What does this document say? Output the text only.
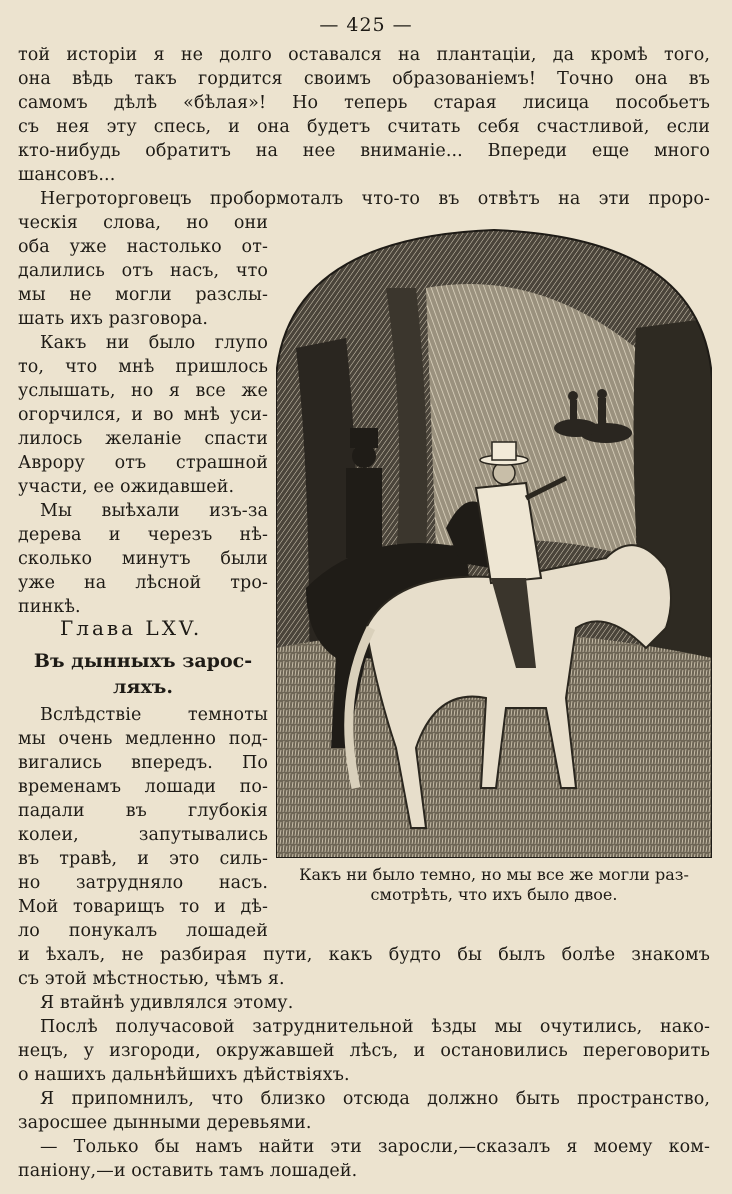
— 425 —
той исторіи я не долго оставался на плантаціи, да кромѣ того,
она вѣдь такъ гордится своимъ образованіемъ! Точно она въ
самомъ дѣлѣ «бѣлая»! Но теперь старая лисица пособьетъ
съ нея эту спесь, и она будетъ считать себя счастливой, если
кто-нибудь обратитъ на нее вниманіе... Впереди еще много
шансовъ...
Негроторговецъ пробормоталъ что-то въ отвѣтъ на эти проро-
ческія слова, но они
оба уже настолько от-
далились отъ насъ, что
мы не могли разслы-
шать ихъ разговора.
Какъ ни было глупо
то, что мнѣ пришлось
услышать, но я все же
огорчился, и во мнѣ уси-
лилось желаніе спасти
Аврору отъ страшной
участи, ее ожидавшей.
Мы выѣхали изъ-за
дерева и черезъ нѣ-
сколько минутъ были
уже на лѣсной тро-
пинкѣ.
Глава LXV.
Въ дынныхъ зарос-
ляхъ.
Вслѣдствіе темноты
мы очень медленно под-
вигались впередъ. По
временамъ лошади по-
падали въ глубокія
колеи, запутывались
въ травѣ, и это силь-
но затрудняло насъ.
Мой товарищъ то и дѣ-
ло понукалъ лошадей
Какъ ни было темно, но мы все же могли раз-
смотрѣть, что ихъ было двое.
и ѣхалъ, не разбирая пути, какъ будто бы былъ болѣе знакомъ
съ этой мѣстностью, чѣмъ я.
Я втайнѣ удивлялся этому.
Послѣ получасовой затруднительной ѣзды мы очутились, нако-
нецъ, у изгороди, окружавшей лѣсъ, и остановились переговорить
о нашихъ дальнѣйшихъ дѣйствіяхъ.
Я припомнилъ, что близко отсюда должно быть пространство,
заросшее дынными деревьями.
— Только бы намъ найти эти заросли,—сказалъ я моему ком-
паніону,—и оставить тамъ лошадей.
